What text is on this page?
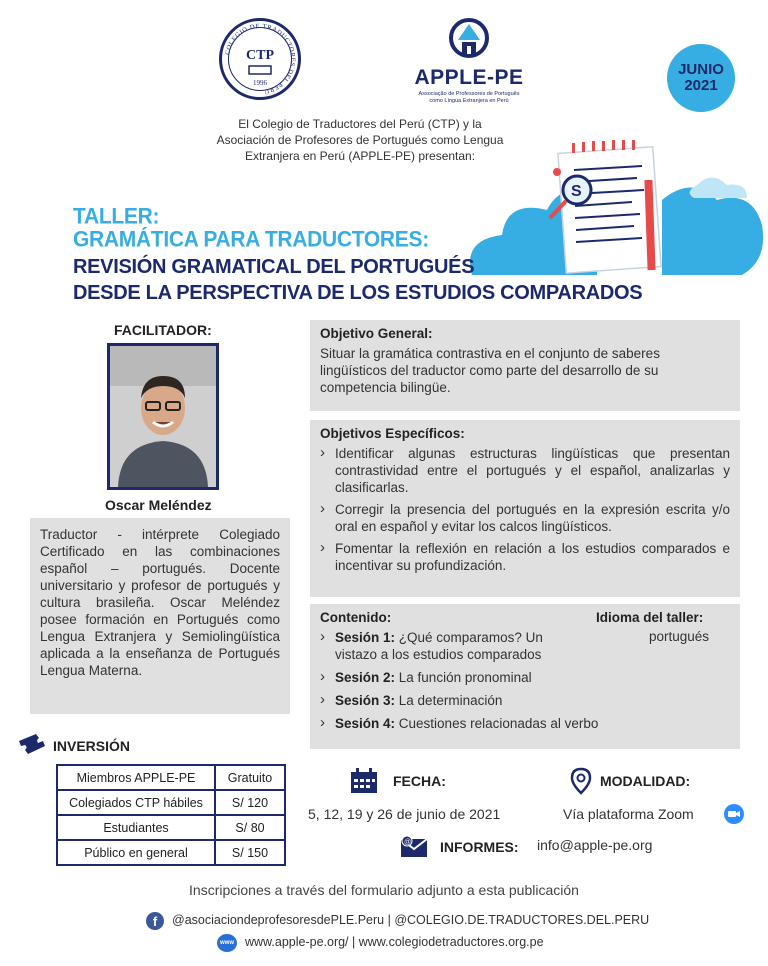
COLEGIO DE TRADUCTORES DEL PERÚ
CTP
1996	APPLE-PE
Associação de Professores de Português
como Língua Extranjera en Perú
JUNIO
2021
El Colegio de Traductores del Perú (CTP) y la
Asociación de Profesores de Portugués como Lengua
Extranjera en Perú (APPLE-PE) presentan:
S
TALLER:
GRAMÁTICA PARA TRADUCTORES:
REVISIÓN GRAMATICAL DEL PORTUGUÉS
DESDE LA PERSPECTIVA DE LOS ESTUDIOS COMPARADOS
FACILITADOR:
Oscar Meléndez
Traductor - intérprete Colegiado Certificado en las combinaciones español – portugués. Docente universitario y profesor de portugués y cultura brasileña. Oscar Meléndez posee formación en Portugués como Lengua Extranjera y Semiolingüística aplicada a la enseñanza de Portugués Lengua Materna.
Objetivo General:

Situar la gramática contrastiva en el conjunto de saberes lingüísticos del traductor como parte del desarrollo de su competencia bilingüe.

Objetivos Específicos:
› Identificar algunas estructuras lingüísticas que presentan contrastividad entre el portugués y el español, analizarlas y clasificarlas.
› Corregir la presencia del portugués en la expresión escrita y/o oral en español y evitar los calcos lingüísticos.
› Fomentar la reflexión en relación a los estudios comparados e incentivar su profundización.
Contenido:
› Sesión 1: ¿Qué comparamos? Un vistazo a los estudios comparados
› Sesión 2: La función pronominal
› Sesión 3: La determinación
› Sesión 4: Cuestiones relacionadas al verbo
Idioma del taller:
portugués
INVERSIÓN
Miembros APPLE-PE	Gratuito
Colegiados CTP hábiles	S/ 120
Estudiantes	S/ 80
Público en general	S/ 150
FECHA:
5, 12, 19 y 26 de junio de 2021
MODALIDAD:
Vía plataforma Zoom
@ INFORMES: info@apple-pe.org
Inscripciones a través del formulario adjunto a esta publicación
f	@asociaciondeprofesoresdePLE.Peru | @COLEGIO.DE.TRADUCTORES.DEL.PERU
www www.apple-pe.org/ | www.colegiodetraductores.org.pe
